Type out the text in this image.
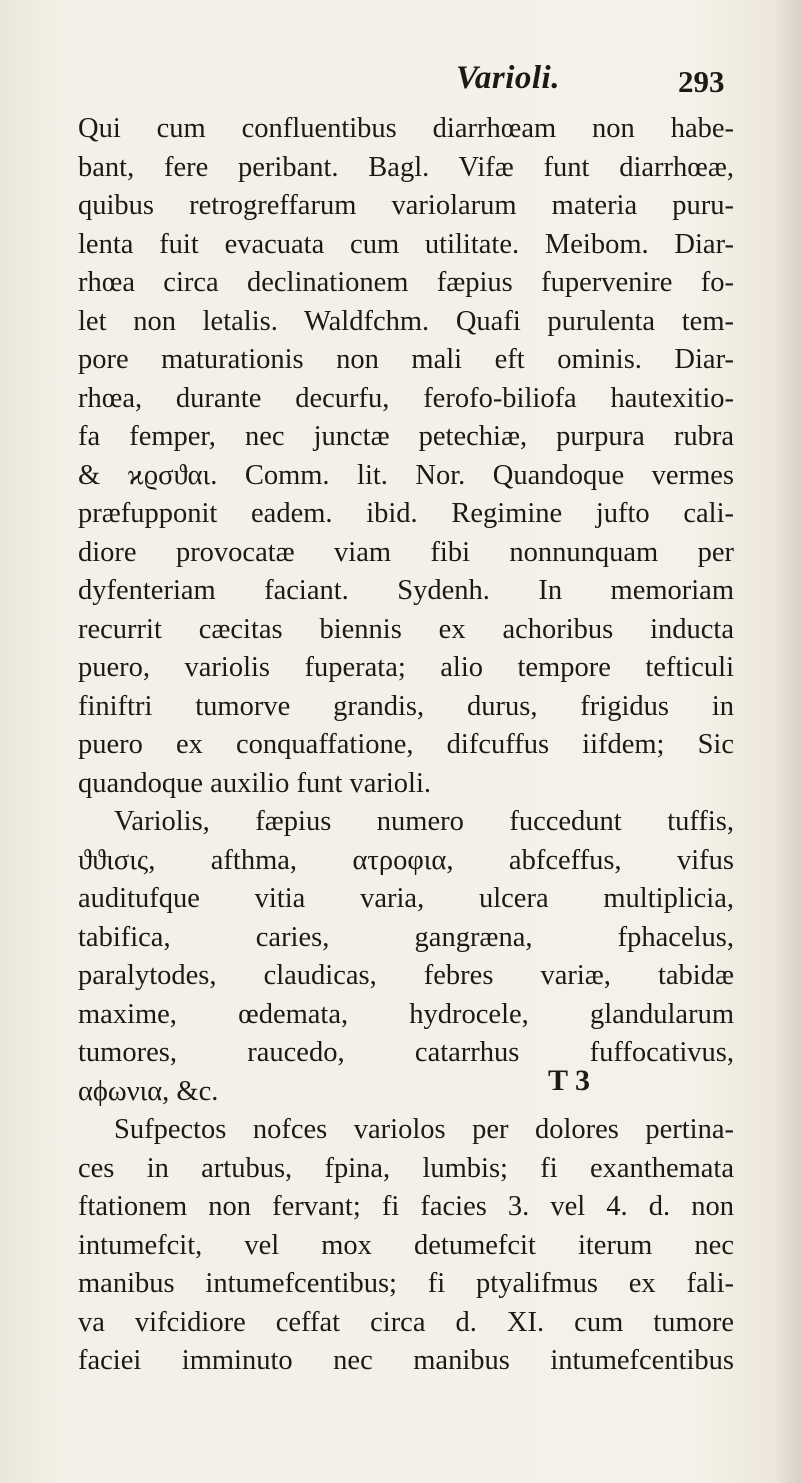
Varioli.	293
Qui cum confluentibus diarrhœam non habe-
bant, fere peribant. Bagl. Vifæ funt diarrhœæ,
quibus retrogreffarum variolarum materia puru-
lenta fuit evacuata cum utilitate. Meibom. Diar-
rhœa circa declinationem fæpius fupervenire fo-
let non letalis. Waldfchm. Quafi purulenta tem-
pore maturationis non mali eft ominis. Diar-
rhœa, durante decurfu, ferofo-biliofa hautexitio-
fa femper, nec junctæ petechiæ, purpura rubra
& ϰϱσϑαι. Comm. lit. Nor. Quandoque vermes
præfupponit eadem. ibid. Regimine jufto cali-
diore provocatæ viam fibi nonnunquam per
dyfenteriam faciant. Sydenh. In memoriam
recurrit cæcitas biennis ex achoribus inducta
puero, variolis fuperata; alio tempore tefticuli
finiftri tumorve grandis, durus, frigidus in
puero ex conquaffatione, difcuffus iifdem; Sic
quandoque auxilio funt varioli.
Variolis, fæpius numero fuccedunt tuffis,
ϑϑισις, afthma, ατροφια, abfceffus, vifus
auditufque vitia varia, ulcera multiplicia,
tabifica, caries, gangræna, fphacelus,
paralytodes, claudicas, febres variæ, tabidæ
maxime, œdemata, hydrocele, glandularum
tumores, raucedo, catarrhus fuffocativus,
αϕωνια, &c.
Sufpectos nofces variolos per dolores pertina-
ces in artubus, fpina, lumbis; fi exanthemata
ftationem non fervant; fi facies 3. vel 4. d. non
intumefcit, vel mox detumefcit iterum nec
manibus intumefcentibus; fi ptyalifmus ex fali-
va vifcidiore ceffat circa d. XI. cum tumore
faciei imminuto nec manibus intumefcentibus
T 3
